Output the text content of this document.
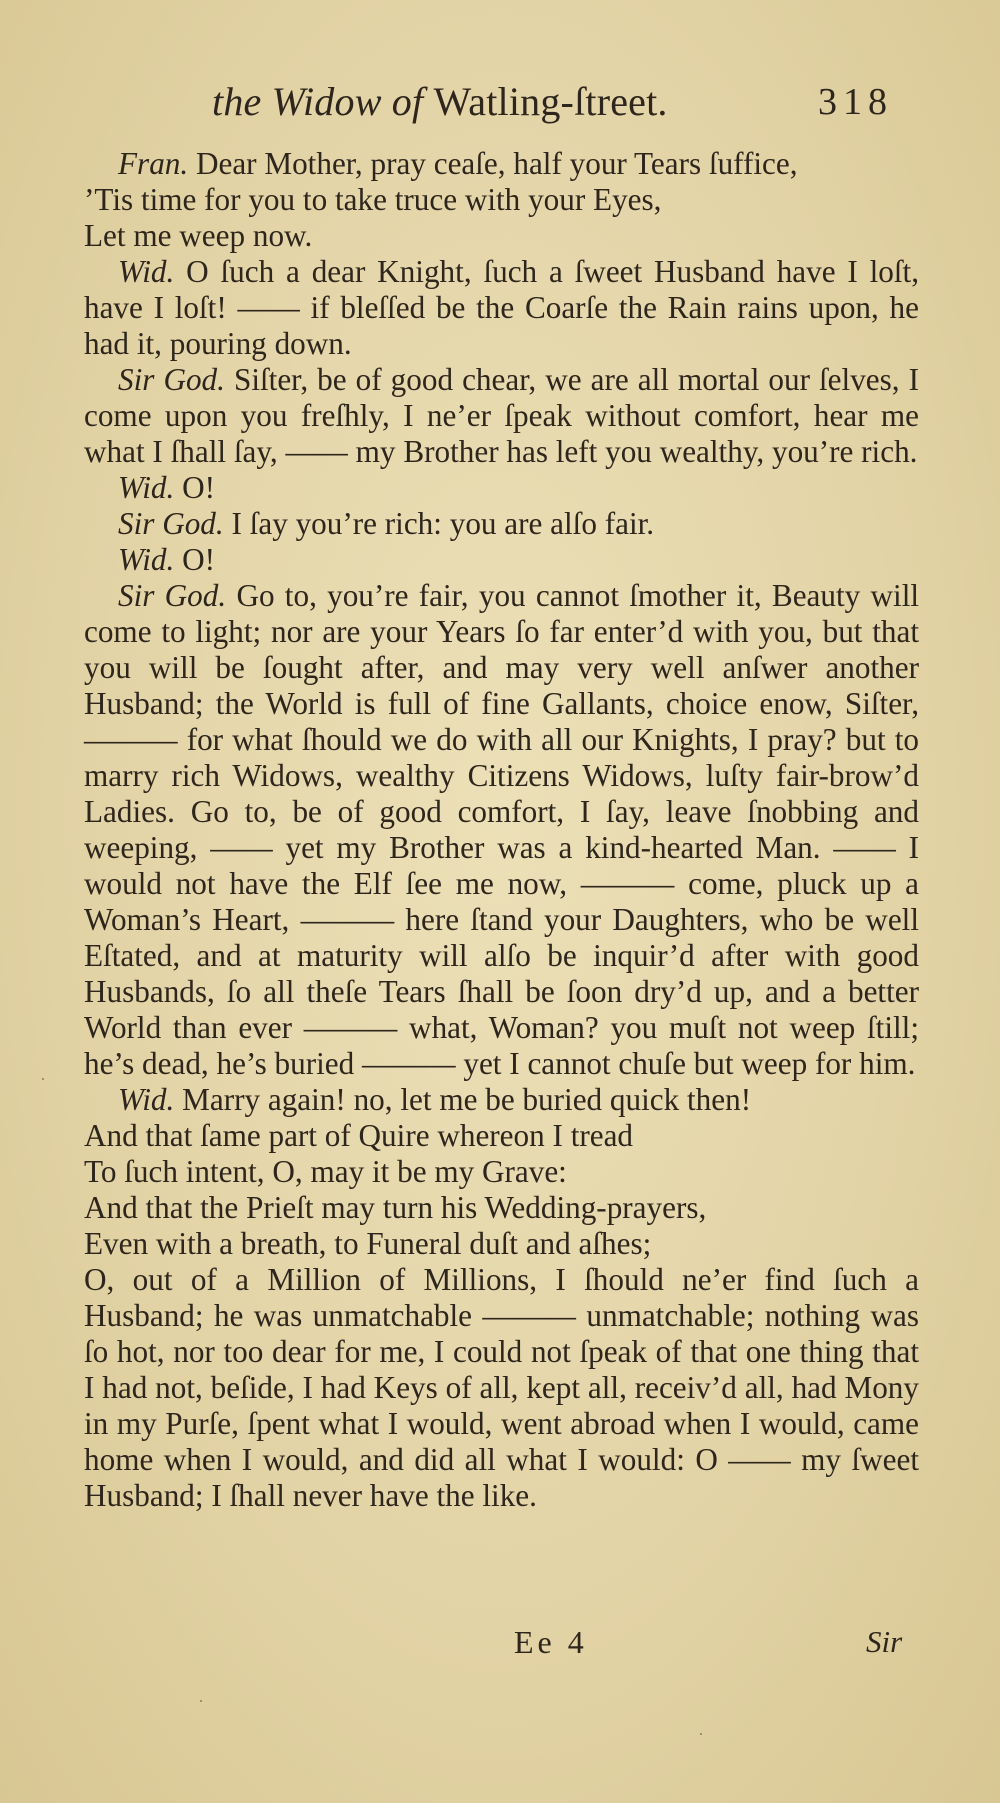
the Widow of Watling-ſtreet.	318

Fran. Dear Mother, pray ceaſe, half your Tears ſuffice,

’Tis time for you to take truce with your Eyes,

Let me weep now.

Wid. O ſuch a dear Knight, ſuch a ſweet Husband have I loſt, have I loſt! —— if bleſſed be the Coarſe the Rain rains upon, he had it, pouring down.

Sir God. Siſter, be of good chear, we are all mortal our ſelves, I come upon you freſhly, I ne’er ſpeak without comfort, hear me what I ſhall ſay, —— my Brother has left you wealthy, you’re rich.

Wid. O!

Sir God. I ſay you’re rich: you are alſo fair.

Wid. O!

Sir God. Go to, you’re fair, you cannot ſmother it, Beauty will come to light; nor are your Years ſo far enter’d with you, but that you will be ſought after, and may very well anſwer another Husband; the World is full of fine Gallants, choice enow, Siſter, ——— for what ſhould we do with all our Knights, I pray? but to marry rich Widows, wealthy Citizens Widows, luſty fair-brow’d Ladies. Go to, be of good comfort, I ſay, leave ſnobbing and weeping, —— yet my Brother was a kind-hearted Man. —— I would not have the Elf ſee me now, ——— come, pluck up a Woman’s Heart, ——— here ſtand your Daughters, who be well Eſtated, and at maturity will alſo be inquir’d after with good Husbands, ſo all theſe Tears ſhall be ſoon dry’d up, and a better World than ever ——— what, Woman? you muſt not weep ſtill; he’s dead, he’s buried ——— yet I cannot chuſe but weep for him.

Wid. Marry again! no, let me be buried quick then!

And that ſame part of Quire whereon I tread

To ſuch intent, O, may it be my Grave:

And that the Prieſt may turn his Wedding-prayers,

Even with a breath, to Funeral duſt and aſhes;

O, out of a Million of Millions, I ſhould ne’er find ſuch a Husband; he was unmatchable ——— unmatchable; nothing was ſo hot, nor too dear for me, I could not ſpeak of that one thing that I had not, beſide, I had Keys of all, kept all, receiv’d all, had Mony in my Purſe, ſpent what I would, went abroad when I would, came home when I would, and did all what I would: O —— my ſweet Husband; I ſhall never have the like.

Ee 4	Sir
